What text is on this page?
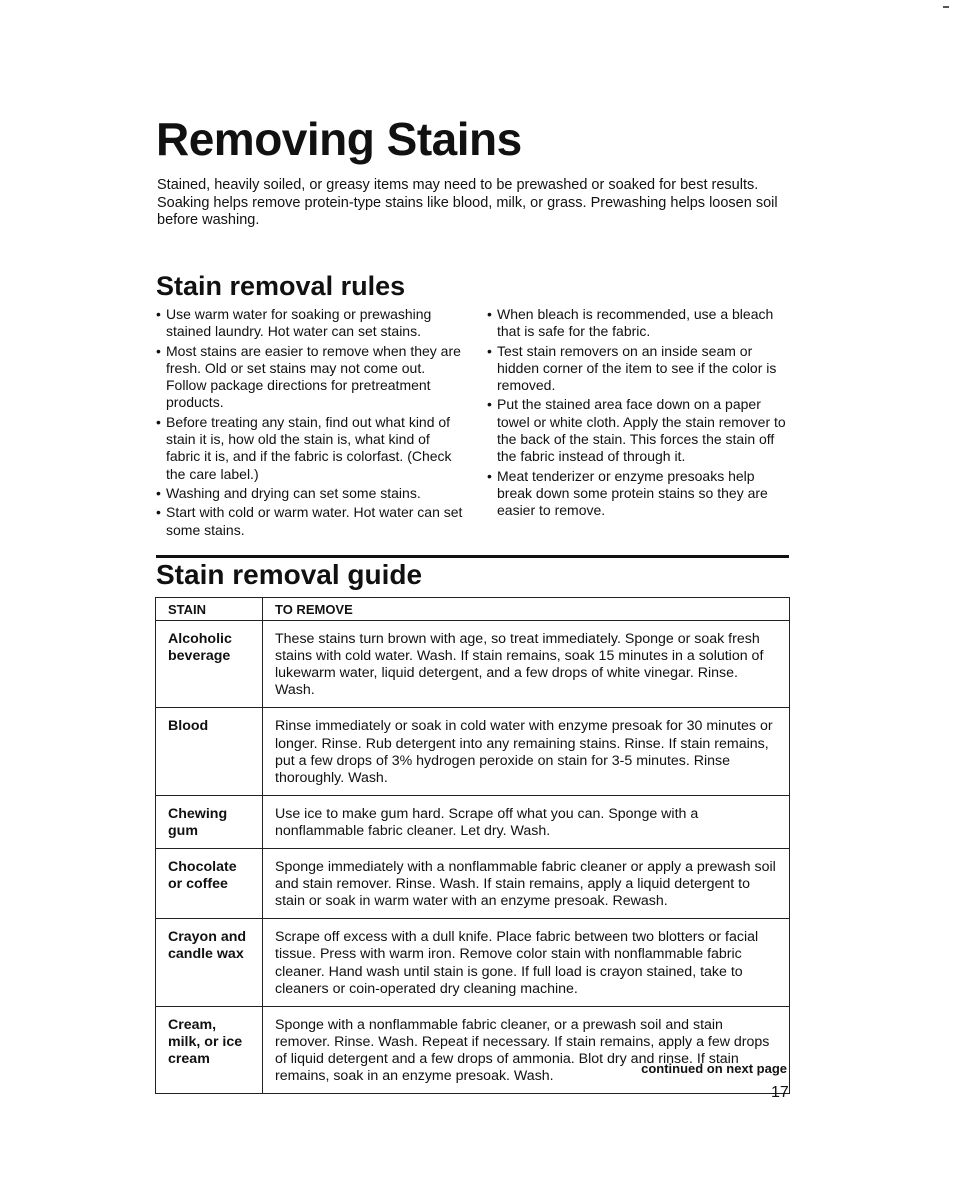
Removing Stains

Stained, heavily soiled, or greasy items may need to be prewashed or soaked for best results. Soaking helps remove protein-type stains like blood, milk, or grass. Prewashing helps loosen soil before washing.

Stain removal rules
• Use warm water for soaking or prewashing stained laundry. Hot water can set stains.
• Most stains are easier to remove when they are fresh. Old or set stains may not come out. Follow package directions for pretreatment products.
• Before treating any stain, find out what kind of stain it is, how old the stain is, what kind of fabric it is, and if the fabric is colorfast. (Check the care label.)
• Washing and drying can set some stains.
• Start with cold or warm water. Hot water can set some stains.
• When bleach is recommended, use a bleach that is safe for the fabric.
• Test stain removers on an inside seam or hidden corner of the item to see if the color is removed.
• Put the stained area face down on a paper towel or white cloth. Apply the stain remover to the back of the stain. This forces the stain off the fabric instead of through it.
• Meat tenderizer or enzyme presoaks help break down some protein stains so they are easier to remove.
Stain removal guide
STAIN	TO REMOVE
Alcoholic beverage	These stains turn brown with age, so treat immediately. Sponge or soak fresh stains with cold water. Wash. If stain remains, soak 15 minutes in a solution of lukewarm water, liquid detergent, and a few drops of white vinegar. Rinse. Wash.
Blood	Rinse immediately or soak in cold water with enzyme presoak for 30 minutes or longer. Rinse. Rub detergent into any remaining stains. Rinse. If stain remains, put a few drops of 3% hydrogen peroxide on stain for 3-5 minutes. Rinse thoroughly. Wash.
Chewing gum	Use ice to make gum hard. Scrape off what you can. Sponge with a nonflammable fabric cleaner. Let dry. Wash.
Chocolate or coffee	Sponge immediately with a nonflammable fabric cleaner or apply a prewash soil and stain remover. Rinse. Wash. If stain remains, apply a liquid detergent to stain or soak in warm water with an enzyme presoak. Rewash.
Crayon and candle wax	Scrape off excess with a dull knife. Place fabric between two blotters or facial tissue. Press with warm iron. Remove color stain with nonflammable fabric cleaner. Hand wash until stain is gone. If full load is crayon stained, take to cleaners or coin-operated dry cleaning machine.
Cream, milk, or ice cream	Sponge with a nonflammable fabric cleaner, or a prewash soil and stain remover. Rinse. Wash. Repeat if necessary. If stain remains, apply a few drops of liquid detergent and a few drops of ammonia. Blot dry and rinse. If stain remains, soak in an enzyme presoak. Wash.	continued on next page
17
